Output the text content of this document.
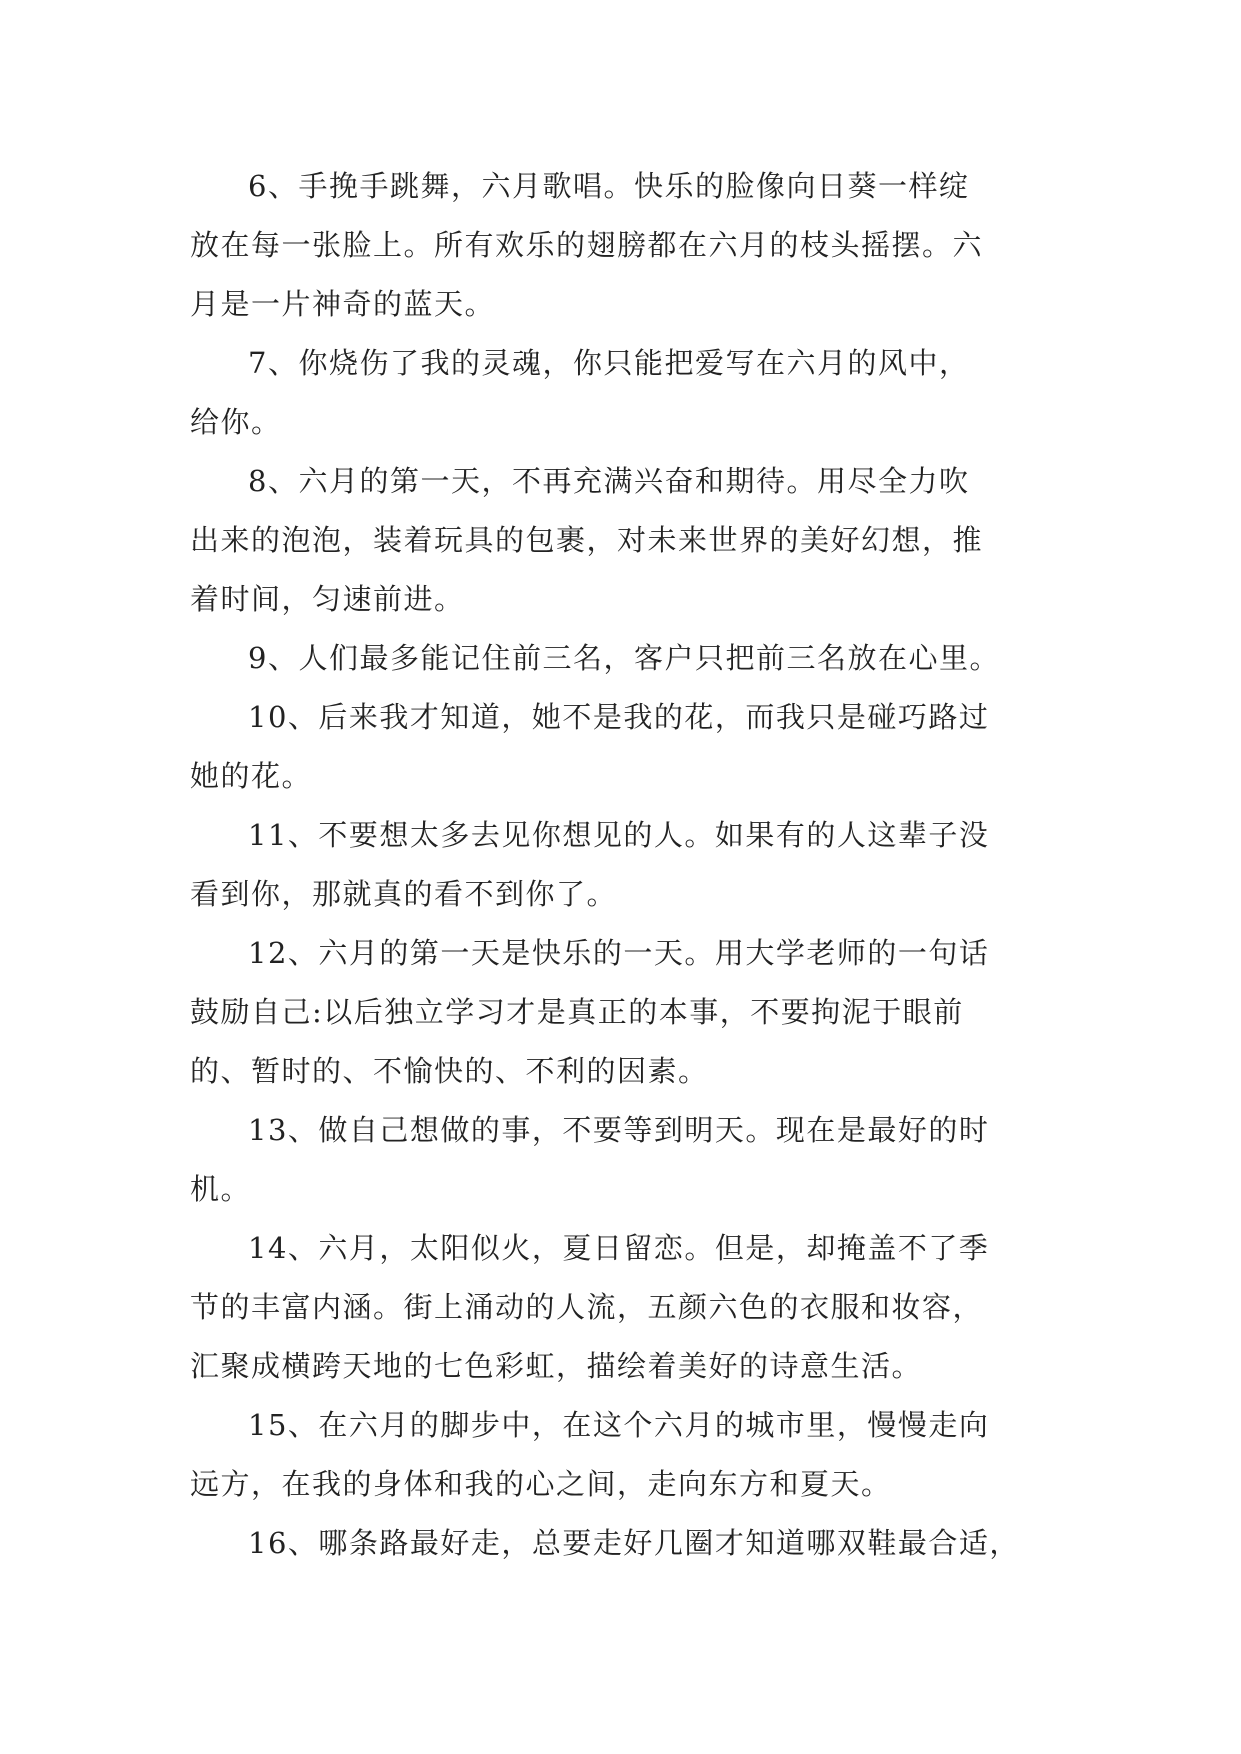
6、手挽手跳舞，六月歌唱。快乐的脸像向日葵一样绽
放在每一张脸上。所有欢乐的翅膀都在六月的枝头摇摆。六
月是一片神奇的蓝天。

7、你烧伤了我的灵魂，你只能把爱写在六月的风中，
给你。

8、六月的第一天，不再充满兴奋和期待。用尽全力吹
出来的泡泡，装着玩具的包裹，对未来世界的美好幻想，推
着时间，匀速前进。

9、人们最多能记住前三名，客户只把前三名放在心里。

10、后来我才知道，她不是我的花，而我只是碰巧路过
她的花。

11、不要想太多去见你想见的人。如果有的人这辈子没
看到你，那就真的看不到你了。

12、六月的第一天是快乐的一天。用大学老师的一句话
鼓励自己:以后独立学习才是真正的本事，不要拘泥于眼前
的、暂时的、不愉快的、不利的因素。

13、做自己想做的事，不要等到明天。现在是最好的时
机。

14、六月，太阳似火，夏日留恋。但是，却掩盖不了季
节的丰富内涵。街上涌动的人流，五颜六色的衣服和妆容，
汇聚成横跨天地的七色彩虹，描绘着美好的诗意生活。

15、在六月的脚步中，在这个六月的城市里，慢慢走向
远方，在我的身体和我的心之间，走向东方和夏天。

16、哪条路最好走，总要走好几圈才知道哪双鞋最合适，
